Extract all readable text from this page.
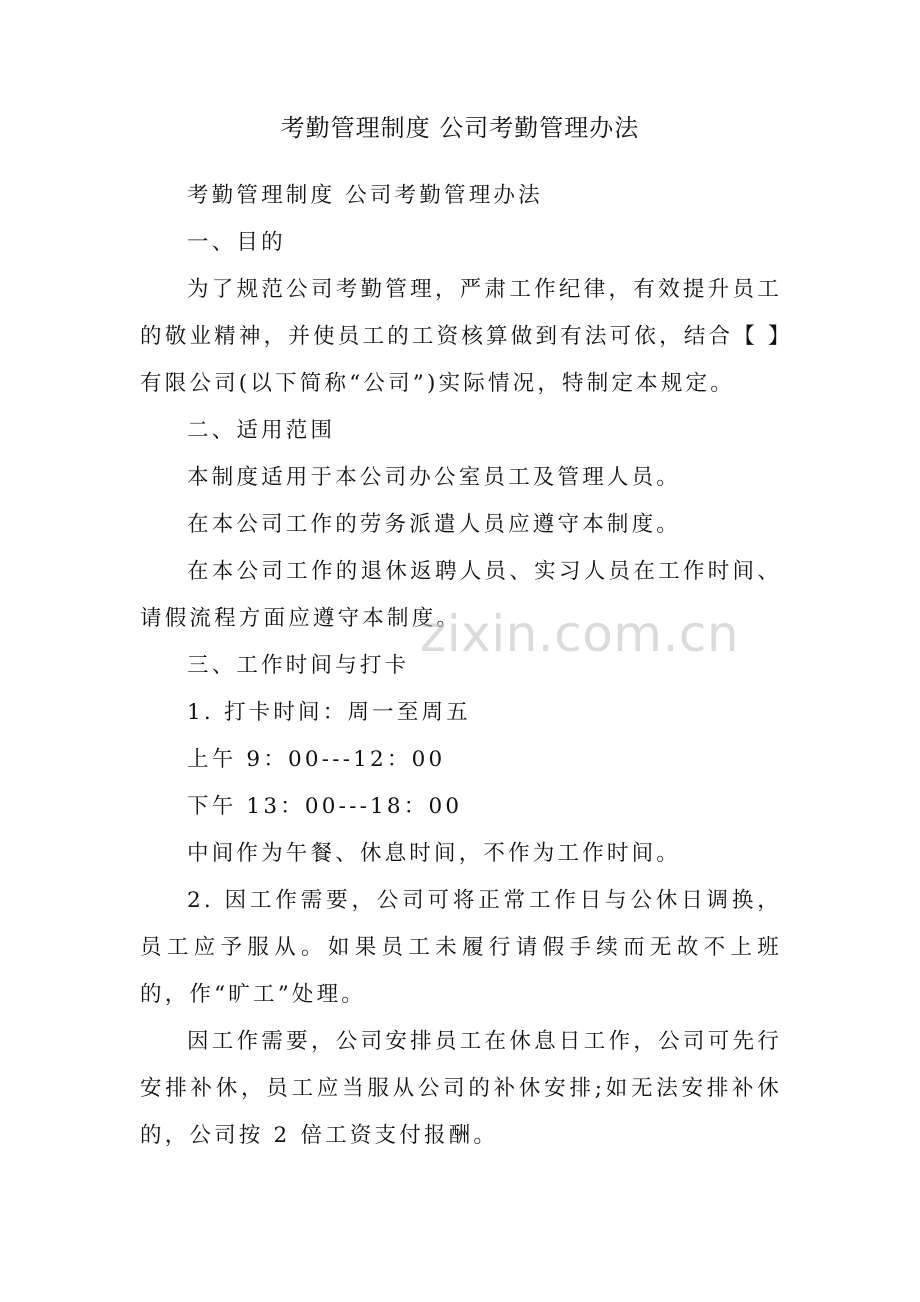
考勤管理制度 公司考勤管理办法

考勤管理制度 公司考勤管理办法

一、目的

为了规范公司考勤管理，严肃工作纪律，有效提升员工的敬业精神，并使员工的工资核算做到有法可依，结合【 】有限公司(以下简称“公司”)实际情况，特制定本规定。

二、适用范围

本制度适用于本公司办公室员工及管理人员。

在本公司工作的劳务派遣人员应遵守本制度。

在本公司工作的退休返聘人员、实习人员在工作时间、请假流程方面应遵守本制度。

三、工作时间与打卡

1. 打卡时间：周一至周五

上午 9：00---12：00

下午 13：00---18：00

中间作为午餐、休息时间，不作为工作时间。

2. 因工作需要，公司可将正常工作日与公休日调换，员工应予服从。如果员工未履行请假手续而无故不上班的，作“旷工”处理。

因工作需要，公司安排员工在休息日工作，公司可先行安排补休，员工应当服从公司的补休安排;如无法安排补休的，公司按 2 倍工资支付报酬。

zixin.com.cn
